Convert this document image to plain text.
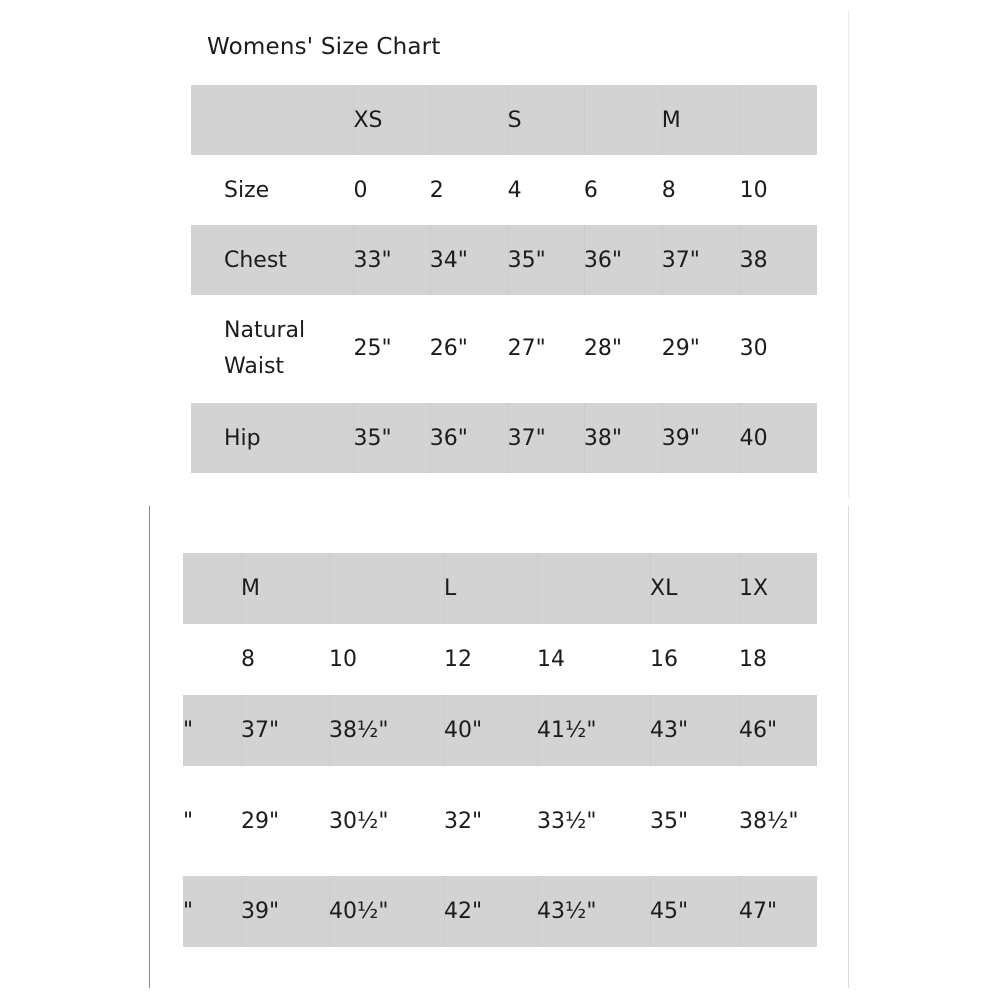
Womens' Size Chart
	XS		S		M	
Size	0	2	4	6	8	10
Chest	33"	34"	35"	36"	37"	38
Natural Waist	25"	26"	27"	28"	29"	30
Hip	35"	36"	37"	38"	39"	40
	M		L		XL	1X
	8	10	12	14	16	18
"	37"	38½"	40"	41½"	43"	46"
"	29"	30½"	32"	33½"	35"	38½"
"	39"	40½"	42"	43½"	45"	47"
